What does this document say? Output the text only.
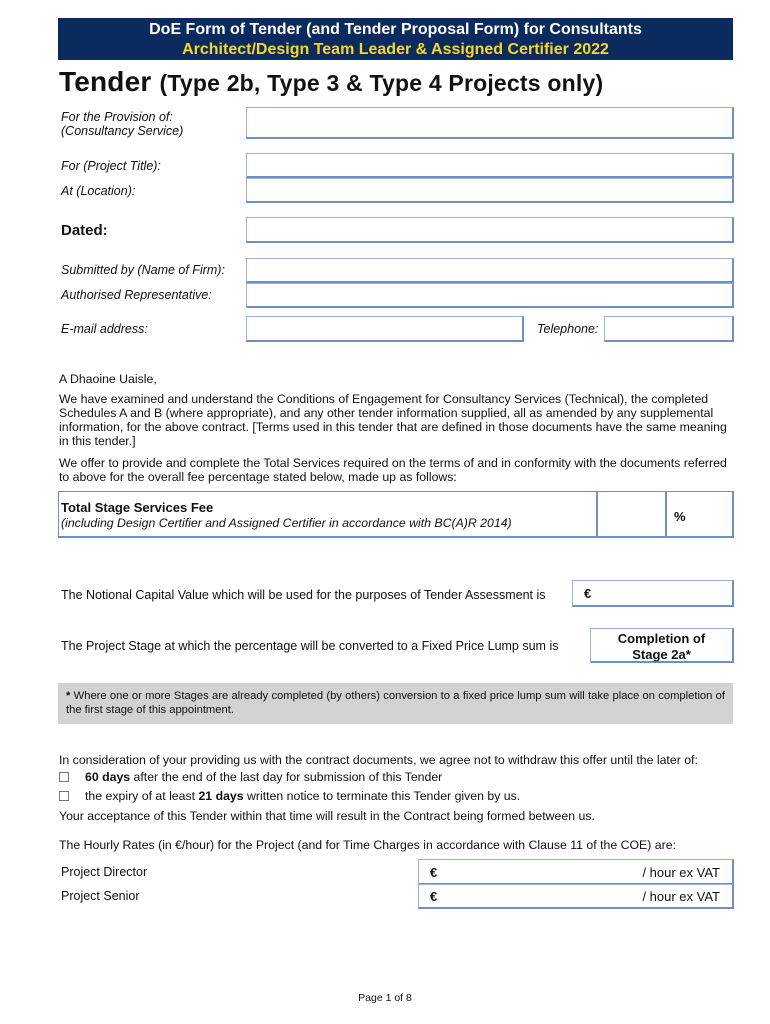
DoE Form of Tender (and Tender Proposal Form) for Consultants
Architect/Design Team Leader & Assigned Certifier 2022
Tender (Type 2b, Type 3 & Type 4 Projects only)
For the Provision of:
(Consultancy Service)
For (Project Title):
At (Location):
Dated:
Submitted by (Name of Firm):
Authorised Representative:
E-mail address:	Telephone:
A Dhaoine Uaisle,
We have examined and understand the Conditions of Engagement for Consultancy Services (Technical), the completed Schedules A and B (where appropriate), and any other tender information supplied, all as amended by any supplemental information, for the above contract. [Terms used in this tender that are defined in those documents have the same meaning in this tender.]
We offer to provide and complete the Total Services required on the terms of and in conformity with the documents referred to above for the overall fee percentage stated below, made up as follows:
Total Stage Services Fee
(including Design Certifier and Assigned Certifier in accordance with BC(A)R 2014)	%
The Notional Capital Value which will be used for the purposes of Tender Assessment is	€
The Project Stage at which the percentage will be converted to a Fixed Price Lump sum is	Completion of
Stage 2a*
* Where one or more Stages are already completed (by others) conversion to a fixed price lump sum will take place on completion of the first stage of this appointment.
In consideration of your providing us with the contract documents, we agree not to withdraw this offer until the later of:
60 days after the end of the last day for submission of this Tender
the expiry of at least 21 days written notice to terminate this Tender given by us.
Your acceptance of this Tender within that time will result in the Contract being formed between us.
The Hourly Rates (in €/hour) for the Project (and for Time Charges in accordance with Clause 11 of the COE) are:
Project Director	€	/ hour ex VAT
Project Senior	€	/ hour ex VAT
Page 1 of 8
